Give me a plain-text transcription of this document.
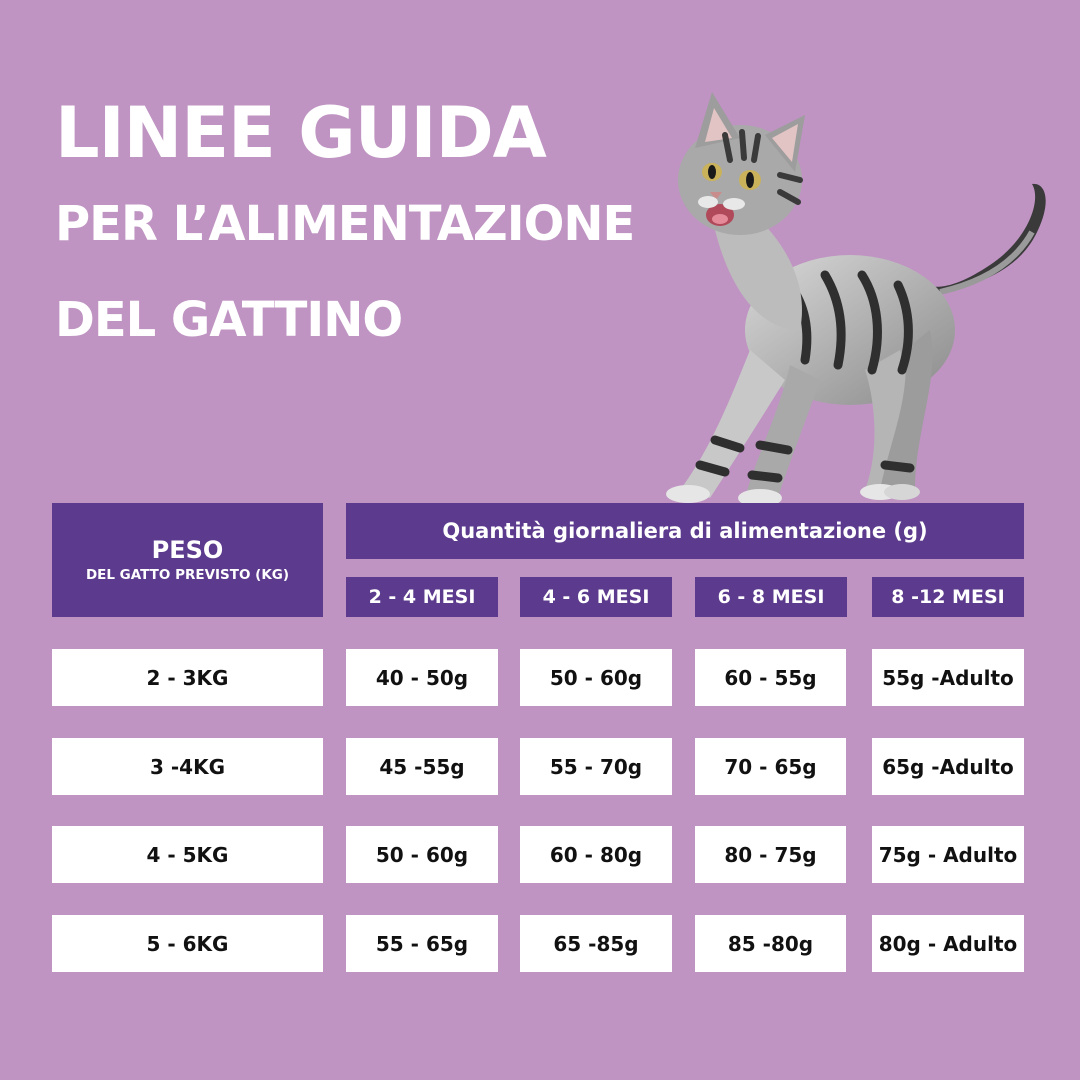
LINEE GUIDA
PER L’ALIMENTAZIONE
DEL GATTINO
PESO
DEL GATTO PREVISTO (KG)
Quantità giornaliera di alimentazione (g)
2 - 4 MESI	4 - 6 MESI	6 - 8 MESI	8 -12 MESI
2 - 3KG	40 - 50g	50 - 60g	60 - 55g	55g -Adulto
3 -4KG	45 -55g	55 - 70g	70 - 65g	65g -Adulto
4 - 5KG	50 - 60g	60 - 80g	80 - 75g	75g - Adulto
5 - 6KG	55 - 65g	65 -85g	85 -80g	80g - Adulto
